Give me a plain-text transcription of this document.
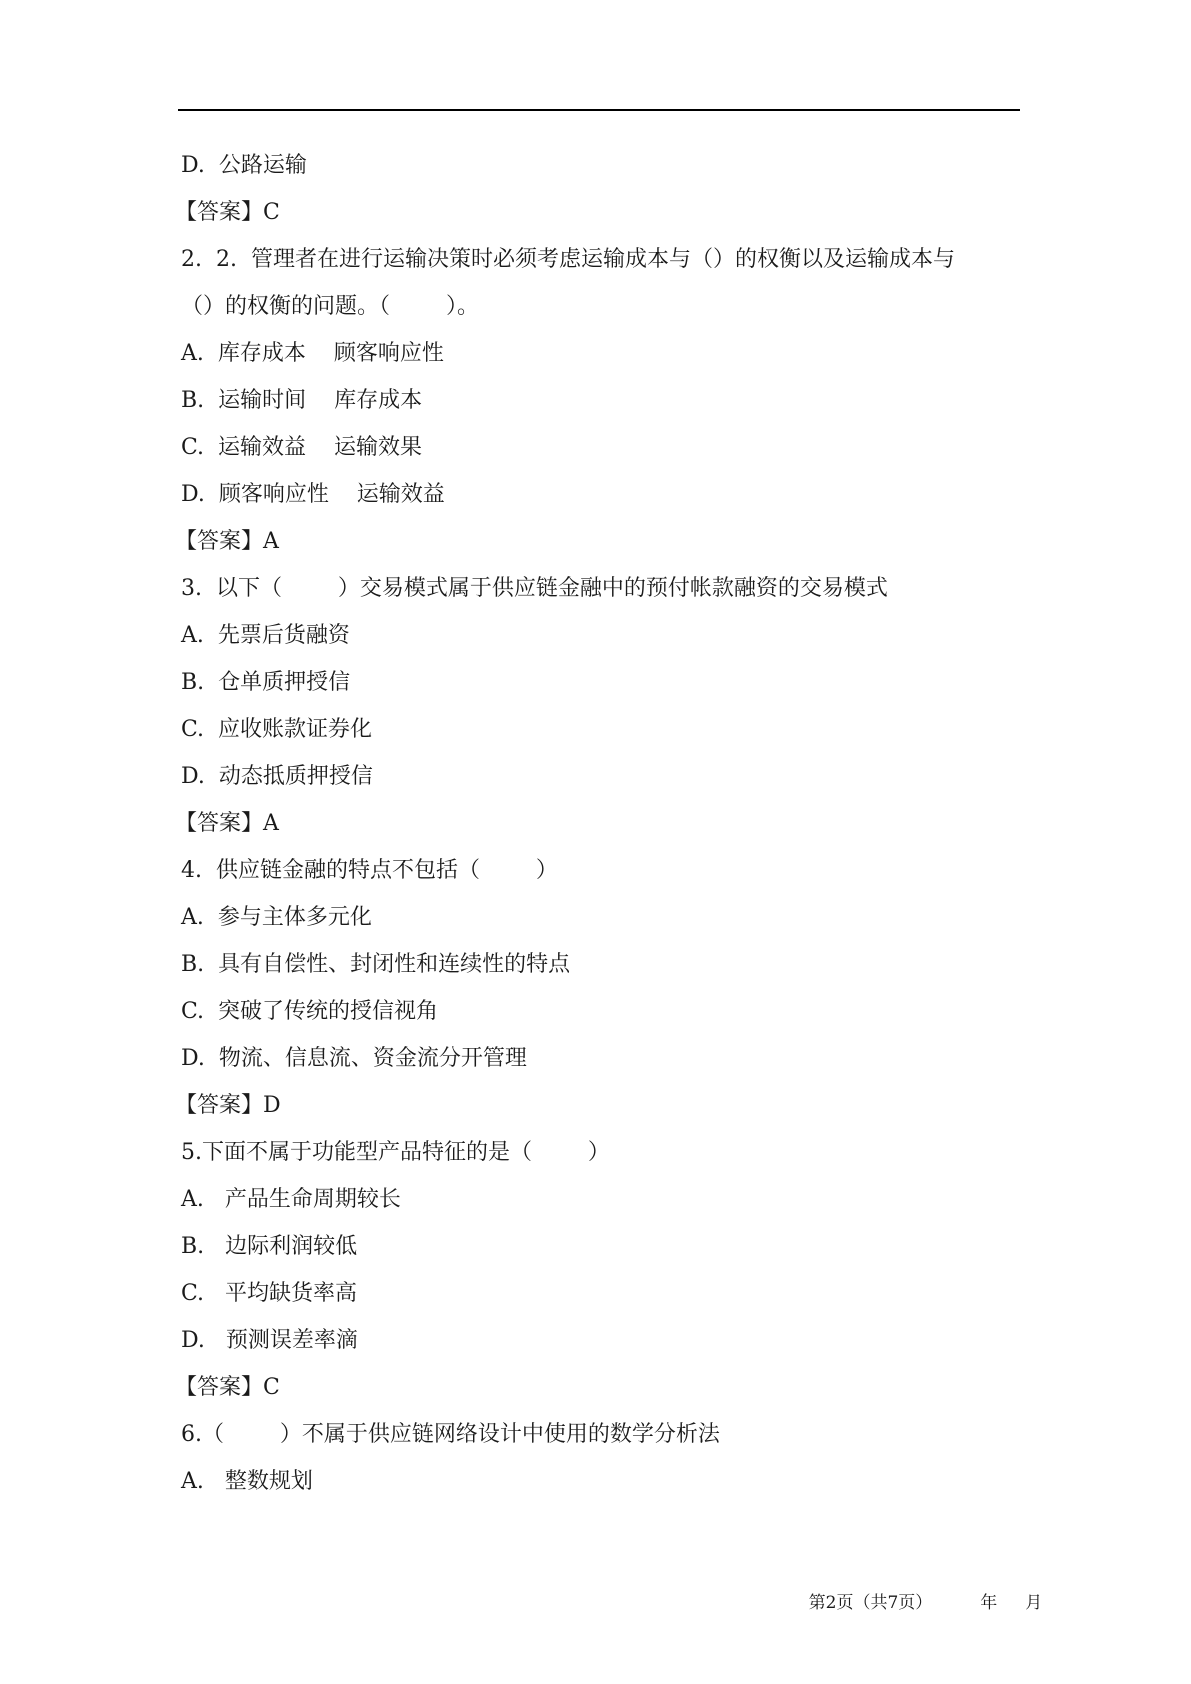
D.  公路运输
【答案】C
2.  2.  管理者在进行运输决策时必须考虑运输成本与（）的权衡以及运输成本与
（）的权衡的问题。（        ）。
A.  库存成本    顾客响应性
B.  运输时间    库存成本
C.  运输效益    运输效果
D.  顾客响应性    运输效益
【答案】A
3.  以下（        ）交易模式属于供应链金融中的预付帐款融资的交易模式
A.  先票后货融资
B.  仓单质押授信
C.  应收账款证券化
D.  动态抵质押授信
【答案】A
4.  供应链金融的特点不包括（        ）
A.  参与主体多元化
B.  具有自偿性、封闭性和连续性的特点
C.  突破了传统的授信视角
D.  物流、信息流、资金流分开管理
【答案】D
5.下面不属于功能型产品特征的是（        ）
A.   产品生命周期较长
B.   边际利润较低
C.   平均缺货率高
D.   预测误差率滴
【答案】C
6.（        ）不属于供应链网络设计中使用的数学分析法
A.   整数规划

第2页（共7页）	年 月
